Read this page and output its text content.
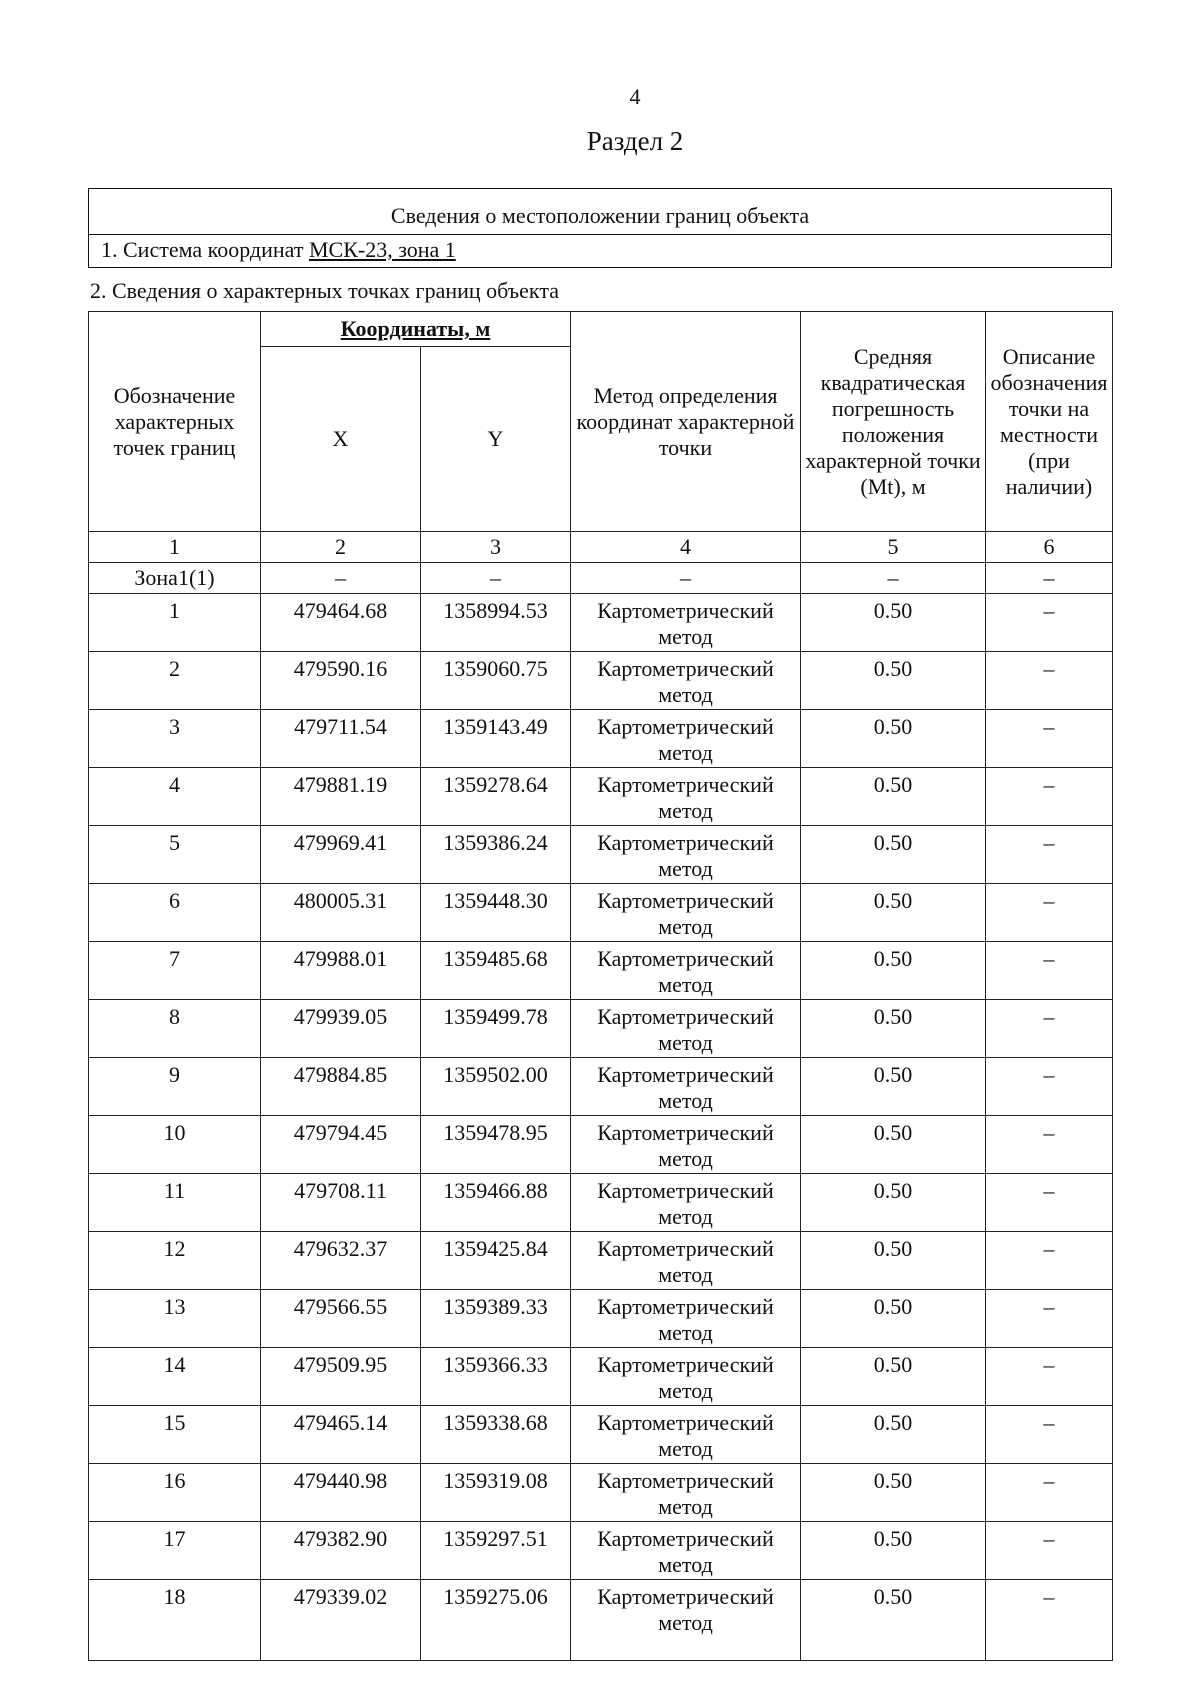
4
Раздел 2
Сведения о местоположении границ объекта
1. Система координат МСК-23, зона 1
2. Сведения о характерных точках границ объекта
Обозначение характерных точек границ	Координаты, м		Метод определения координат характерной точки	Средняя квадратическая погрешность положения характерной точки (Mt), м	Описание обозначения точки на местности (при наличии)
	X	Y			
1	2	3	4	5	6
Зона1(1)	–	–	–	–	–
1	479464.68	1358994.53	Картометрический метод	0.50	–
2	479590.16	1359060.75	Картометрический метод	0.50	–
3	479711.54	1359143.49	Картометрический метод	0.50	–
4	479881.19	1359278.64	Картометрический метод	0.50	–
5	479969.41	1359386.24	Картометрический метод	0.50	–
6	480005.31	1359448.30	Картометрический метод	0.50	–
7	479988.01	1359485.68	Картометрический метод	0.50	–
8	479939.05	1359499.78	Картометрический метод	0.50	–
9	479884.85	1359502.00	Картометрический метод	0.50	–
10	479794.45	1359478.95	Картометрический метод	0.50	–
11	479708.11	1359466.88	Картометрический метод	0.50	–
12	479632.37	1359425.84	Картометрический метод	0.50	–
13	479566.55	1359389.33	Картометрический метод	0.50	–
14	479509.95	1359366.33	Картометрический метод	0.50	–
15	479465.14	1359338.68	Картометрический метод	0.50	–
16	479440.98	1359319.08	Картометрический метод	0.50	–
17	479382.90	1359297.51	Картометрический метод	0.50	–
18	479339.02	1359275.06	Картометрический метод	0.50	–
